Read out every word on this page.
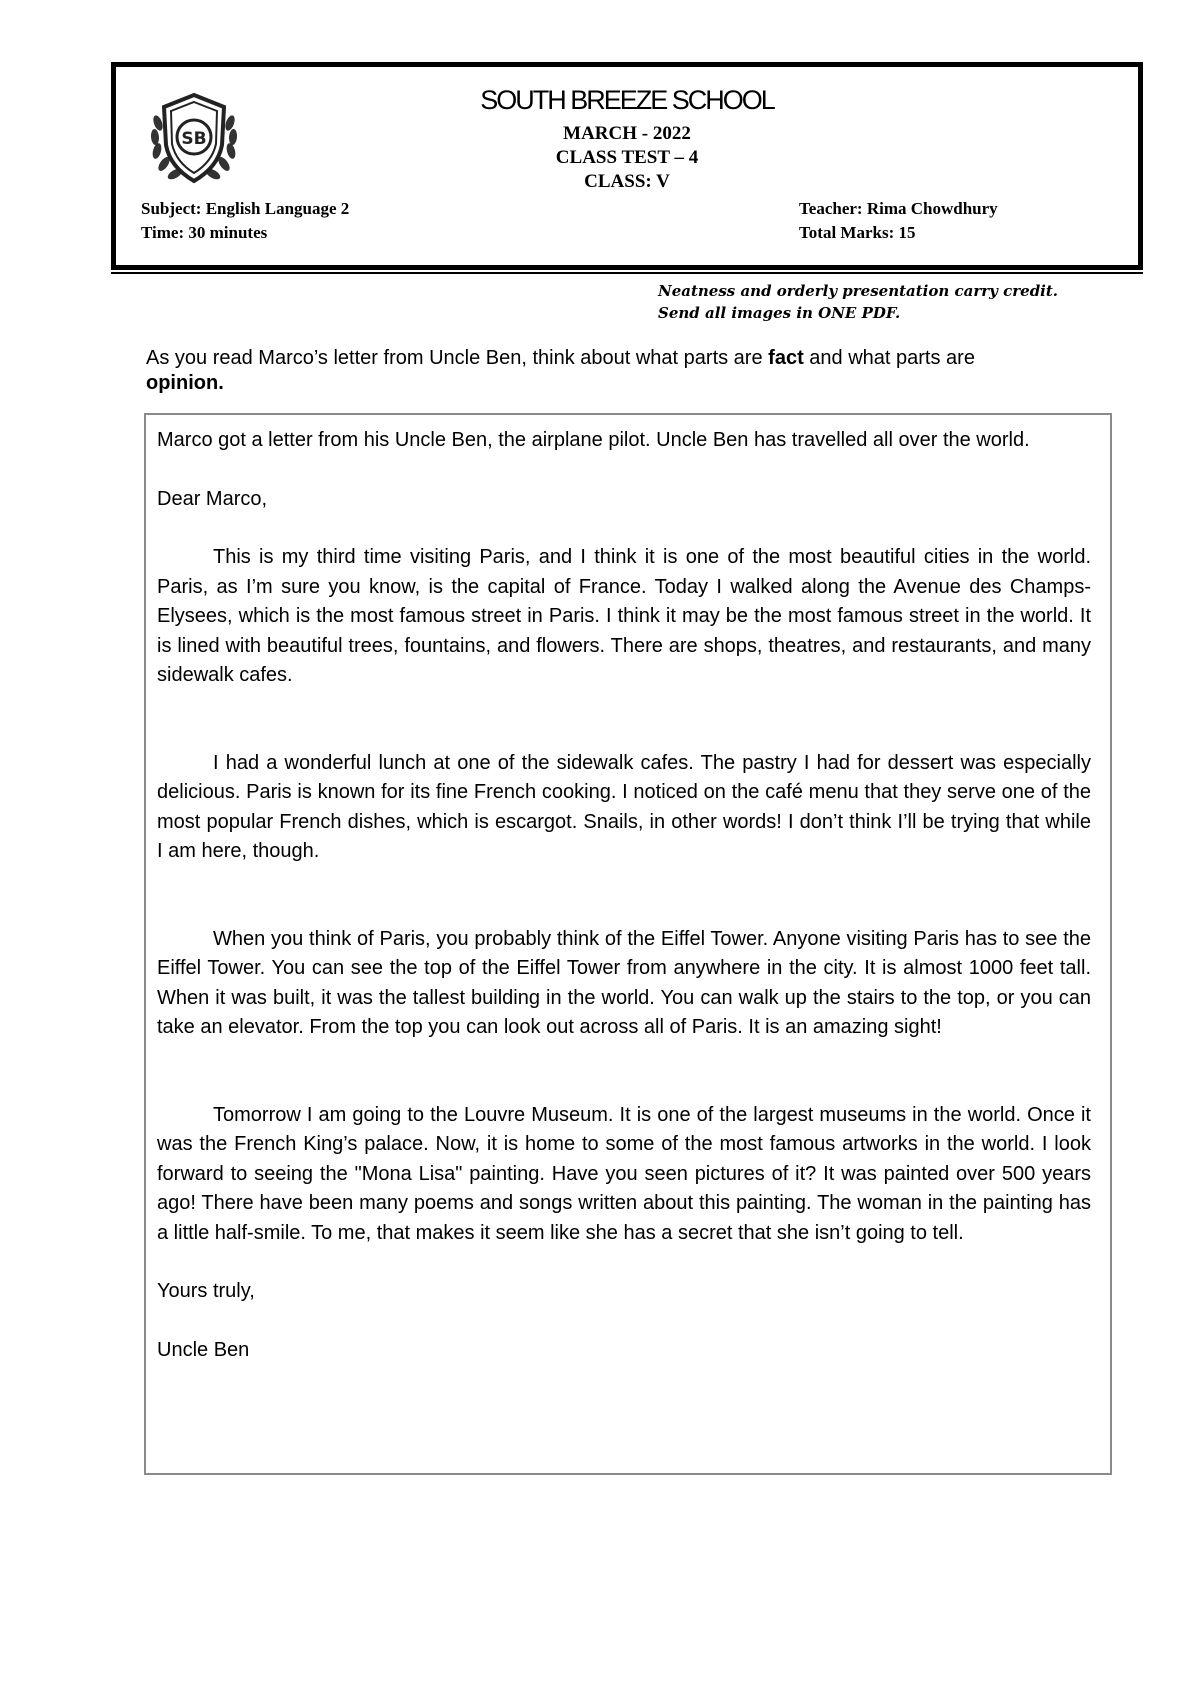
SB
SOUTH BREEZE SCHOOL
MARCH - 2022
CLASS TEST – 4
CLASS: V
Subject: English Language 2
Time: 30 minutes
Teacher: Rima Chowdhury
Total Marks: 15
Neatness and orderly presentation carry credit.
Send all images in ONE PDF.
As you read Marco’s letter from Uncle Ben, think about what parts are fact and what parts are opinion.

Marco got a letter from his Uncle Ben, the airplane pilot. Uncle Ben has travelled all over the world.

Dear Marco,

This is my third time visiting Paris, and I think it is one of the most beautiful cities in the world. Paris, as I’m sure you know, is the capital of France. Today I walked along the Avenue des Champs-Elysees, which is the most famous street in Paris. I think it may be the most famous street in the world. It is lined with beautiful trees, fountains, and flowers. There are shops, theatres, and restaurants, and many sidewalk cafes.

I had a wonderful lunch at one of the sidewalk cafes. The pastry I had for dessert was especially delicious. Paris is known for its fine French cooking. I noticed on the café menu that they serve one of the most popular French dishes, which is escargot. Snails, in other words! I don’t think I’ll be trying that while I am here, though.

When you think of Paris, you probably think of the Eiffel Tower. Anyone visiting Paris has to see the Eiffel Tower. You can see the top of the Eiffel Tower from anywhere in the city. It is almost 1000 feet tall. When it was built, it was the tallest building in the world. You can walk up the stairs to the top, or you can take an elevator. From the top you can look out across all of Paris. It is an amazing sight!

Tomorrow I am going to the Louvre Museum. It is one of the largest museums in the world. Once it was the French King’s palace. Now, it is home to some of the most famous artworks in the world. I look forward to seeing the "Mona Lisa" painting. Have you seen pictures of it? It was painted over 500 years ago! There have been many poems and songs written about this painting. The woman in the painting has a little half-smile. To me, that makes it seem like she has a secret that she isn’t going to tell.

Yours truly,

Uncle Ben
